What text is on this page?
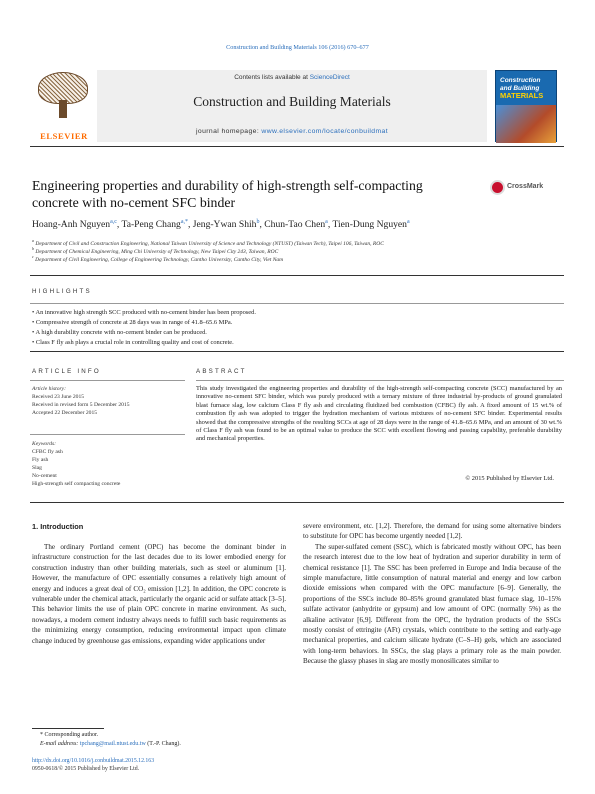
Construction and Building Materials 106 (2016) 670–677
ELSEVIER
Contents lists available at ScienceDirect
Construction and Building Materials
journal homepage: www.elsevier.com/locate/conbuildmat
Construction
and Building
MATERIALS
Engineering properties and durability of high-strength self-compacting concrete with no-cement SFC binder
CrossMark
Hoang-Anh Nguyen$^{a,c}$, Ta-Peng Chang$^{a,*}$, Jeng-Ywan Shih$^b$, Chun-Tao Chen$^a$, Tien-Dung Nguyen$^a$
$^a$ Department of Civil and Construction Engineering, National Taiwan University of Science and Technology (NTUST) (Taiwan Tech), Taipei 106, Taiwan, ROC
$^b$ Department of Chemical Engineering, Ming Chi University of Technology, New Taipei City 243, Taiwan, ROC
$^c$ Department of Civil Engineering, College of Engineering Technology, Cantho University, Cantho City, Viet Nam
HIGHLIGHTS
• An innovative high strength SCC produced with no-cement binder has been proposed.
• Compressive strength of concrete at 28 days was in range of 41.8–65.6 MPa.
• A high durability concrete with no-cement binder can be produced.
• Class F fly ash plays a crucial role in controlling quality and cost of concrete.
ARTICLE INFO	ABSTRACT
Article history:
Received 23 June 2015
Received in revised form 5 December 2015
Accepted 22 December 2015
Keywords:
CFBC fly ash
Fly ash
Slag
No-cement
High-strength self compacting concrete
This study investigated the engineering properties and durability of the high-strength self-compacting concrete (SCC) manufactured by an innovative no-cement SFC binder, which was purely produced with a ternary mixture of three industrial by-products of ground granulated blast furnace slag, low calcium Class F fly ash and circulating fluidized bed combustion (CFBC) fly ash. A fixed amount of 15 wt.% of combustion fly ash was adopted to trigger the hydration mechanism of various mixtures of no-cement SFC binder. Experimental results showed that the compressive strengths of the resulting SCCs at age of 28 days were in the range of 41.8–65.6 MPa, and an amount of 30 wt.% of Class F fly ash was found to be an optimal value to produce the SCC with excellent flowing and passing capability, preferable durability and mechanical properties.
© 2015 Published by Elsevier Ltd.
1. Introduction

The ordinary Portland cement (OPC) has become the dominant binder in infrastructure construction for the last decades due to its lower embodied energy for construction industry than other building materials, such as steel or aluminum [1]. However, the manufacture of OPC essentially consumes a relatively high amount of energy and induces a great deal of CO₂ emission [1,2]. In addition, the OPC concrete is vulnerable under the chemical attack, particularly the organic acid or sulfate attack [3–5]. This behavior limits the use of plain OPC concrete in marine environment. As such, nowadays, a modern cement industry always needs to fulfill such basic requirements as the minimizing energy consumption, reducing environmental impact upon climate change induced by greenhouse gas emissions, expanding wider applications under

severe environment, etc. [1,2]. Therefore, the demand for using some alternative binders to substitute for OPC has become urgently needed [1,2].

The super-sulfated cement (SSC), which is fabricated mostly without OPC, has been the research interest due to the low heat of hydration and superior durability in term of chemical resistance [1]. The SSC has been preferred in Europe and India because of the simple manufacture, little consumption of natural material and energy and low carbon dioxide emissions when compared with the OPC manufacture [6–9]. Generally, the proportions of the SSCs include 80–85% ground granulated blast furnace slag, 10–15% sulfate activator (anhydrite or gypsum) and low amount of OPC (normally 5%) as the alkaline activator [6,9]. Different from the OPC, the hydration products of the SSCs mostly consist of ettringite (AFt) crystals, which contribute to the setting and early-age mechanical properties, and calcium silicate hydrate (C–S–H) gels, which are associated with long-term behaviors. In SSCs, the slag plays a primary role as the main powder. Because the glassy phases in slag are mostly monosilicates similar to

* Corresponding author.
E-mail address: tpchang@mail.ntust.edu.tw (T.-P. Chang).
http://dx.doi.org/10.1016/j.conbuildmat.2015.12.163
0950-0618/© 2015 Published by Elsevier Ltd.
